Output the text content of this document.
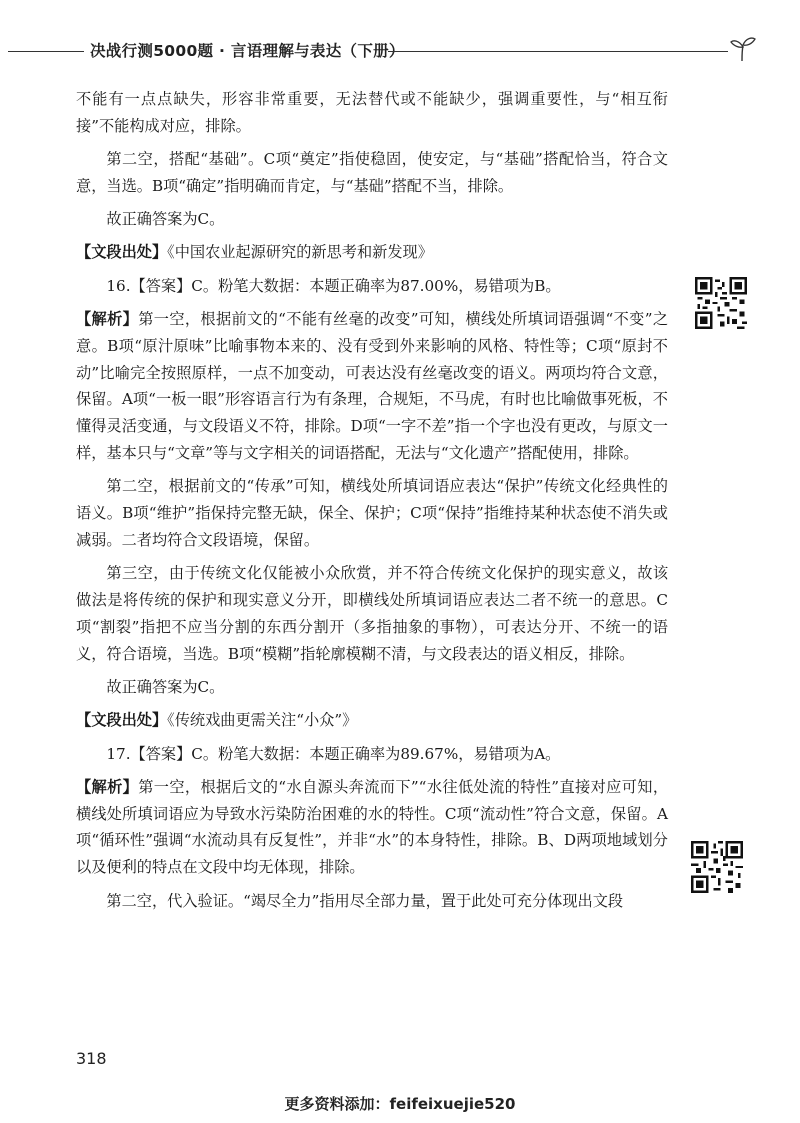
决战行测5000题 · 言语理解与表达（下册）

不能有一点点缺失，形容非常重要，无法替代或不能缺少，强调重要性，与“相互衔接”不能构成对应，排除。

第二空，搭配“基础”。C项“奠定”指使稳固，使安定，与“基础”搭配恰当，符合文意，当选。B项“确定”指明确而肯定，与“基础”搭配不当，排除。

故正确答案为C。

【文段出处】《中国农业起源研究的新思考和新发现》

16.【答案】C。粉笔大数据：本题正确率为87.00%，易错项为B。

【解析】第一空，根据前文的“不能有丝毫的改变”可知，横线处所填词语强调“不变”之意。B项“原汁原味”比喻事物本来的、没有受到外来影响的风格、特性等；C项“原封不动”比喻完全按照原样，一点不加变动，可表达没有丝毫改变的语义。两项均符合文意，保留。A项“一板一眼”形容语言行为有条理，合规矩，不马虎，有时也比喻做事死板，不懂得灵活变通，与文段语义不符，排除。D项“一字不差”指一个字也没有更改，与原文一样，基本只与“文章”等与文字相关的词语搭配，无法与“文化遗产”搭配使用，排除。

第二空，根据前文的“传承”可知，横线处所填词语应表达“保护”传统文化经典性的语义。B项“维护”指保持完整无缺，保全、保护；C项“保持”指维持某种状态使不消失或减弱。二者均符合文段语境，保留。

第三空，由于传统文化仅能被小众欣赏，并不符合传统文化保护的现实意义，故该做法是将传统的保护和现实意义分开，即横线处所填词语应表达二者不统一的意思。C项“割裂”指把不应当分割的东西分割开（多指抽象的事物），可表达分开、不统一的语义，符合语境，当选。B项“模糊”指轮廓模糊不清，与文段表达的语义相反，排除。

故正确答案为C。

【文段出处】《传统戏曲更需关注“小众”》

17.【答案】C。粉笔大数据：本题正确率为89.67%，易错项为A。

【解析】第一空，根据后文的“水自源头奔流而下”“水往低处流的特性”直接对应可知，横线处所填词语应为导致水污染防治困难的水的特性。C项“流动性”符合文意，保留。A项“循环性”强调“水流动具有反复性”，并非“水”的本身特性，排除。B、D两项地域划分以及便利的特点在文段中均无体现，排除。

第二空，代入验证。“竭尽全力”指用尽全部力量，置于此处可充分体现出文段

318
更多资料添加：feifeixuejie520
